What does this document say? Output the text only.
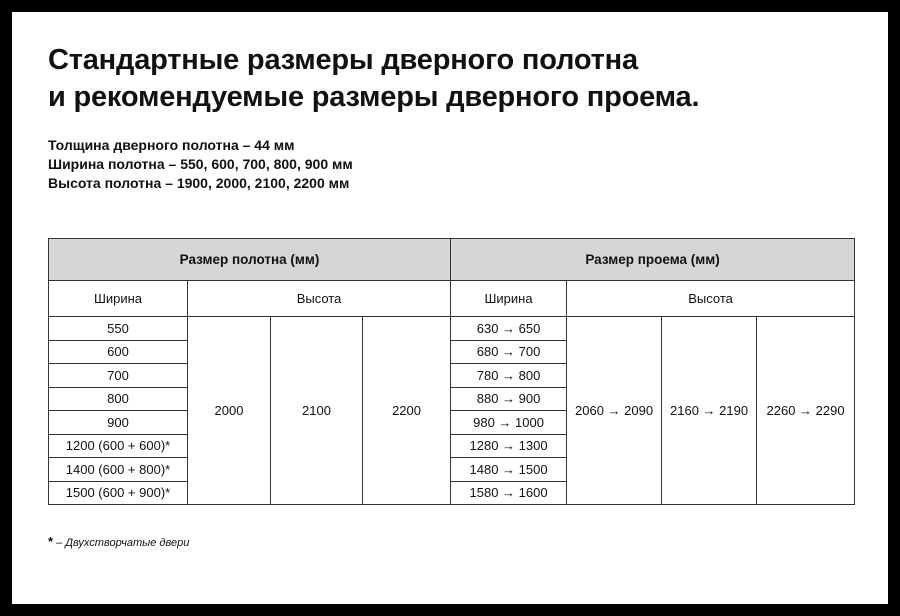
Стандартные размеры дверного полотна
и рекомендуемые размеры дверного проема.
Толщина дверного полотна – 44 мм
Ширина полотна – 550, 600, 700, 800, 900 мм
Высота полотна – 1900, 2000, 2100, 2200 мм
Размер полотна (мм)				Размер проема (мм)			
Ширина	Высота			Ширина	Высота		
550	2000	2100	2200	630 → 650	2060 → 2090	2160 → 2190	2260 → 2290
600				680 → 700			
700				780 → 800			
800				880 → 900			
900				980 → 1000			
1200 (600 + 600)*				1280 → 1300			
1400 (600 + 800)*				1480 → 1500			
1500 (600 + 900)*				1580 → 1600			
* – Двухстворчатые двери
